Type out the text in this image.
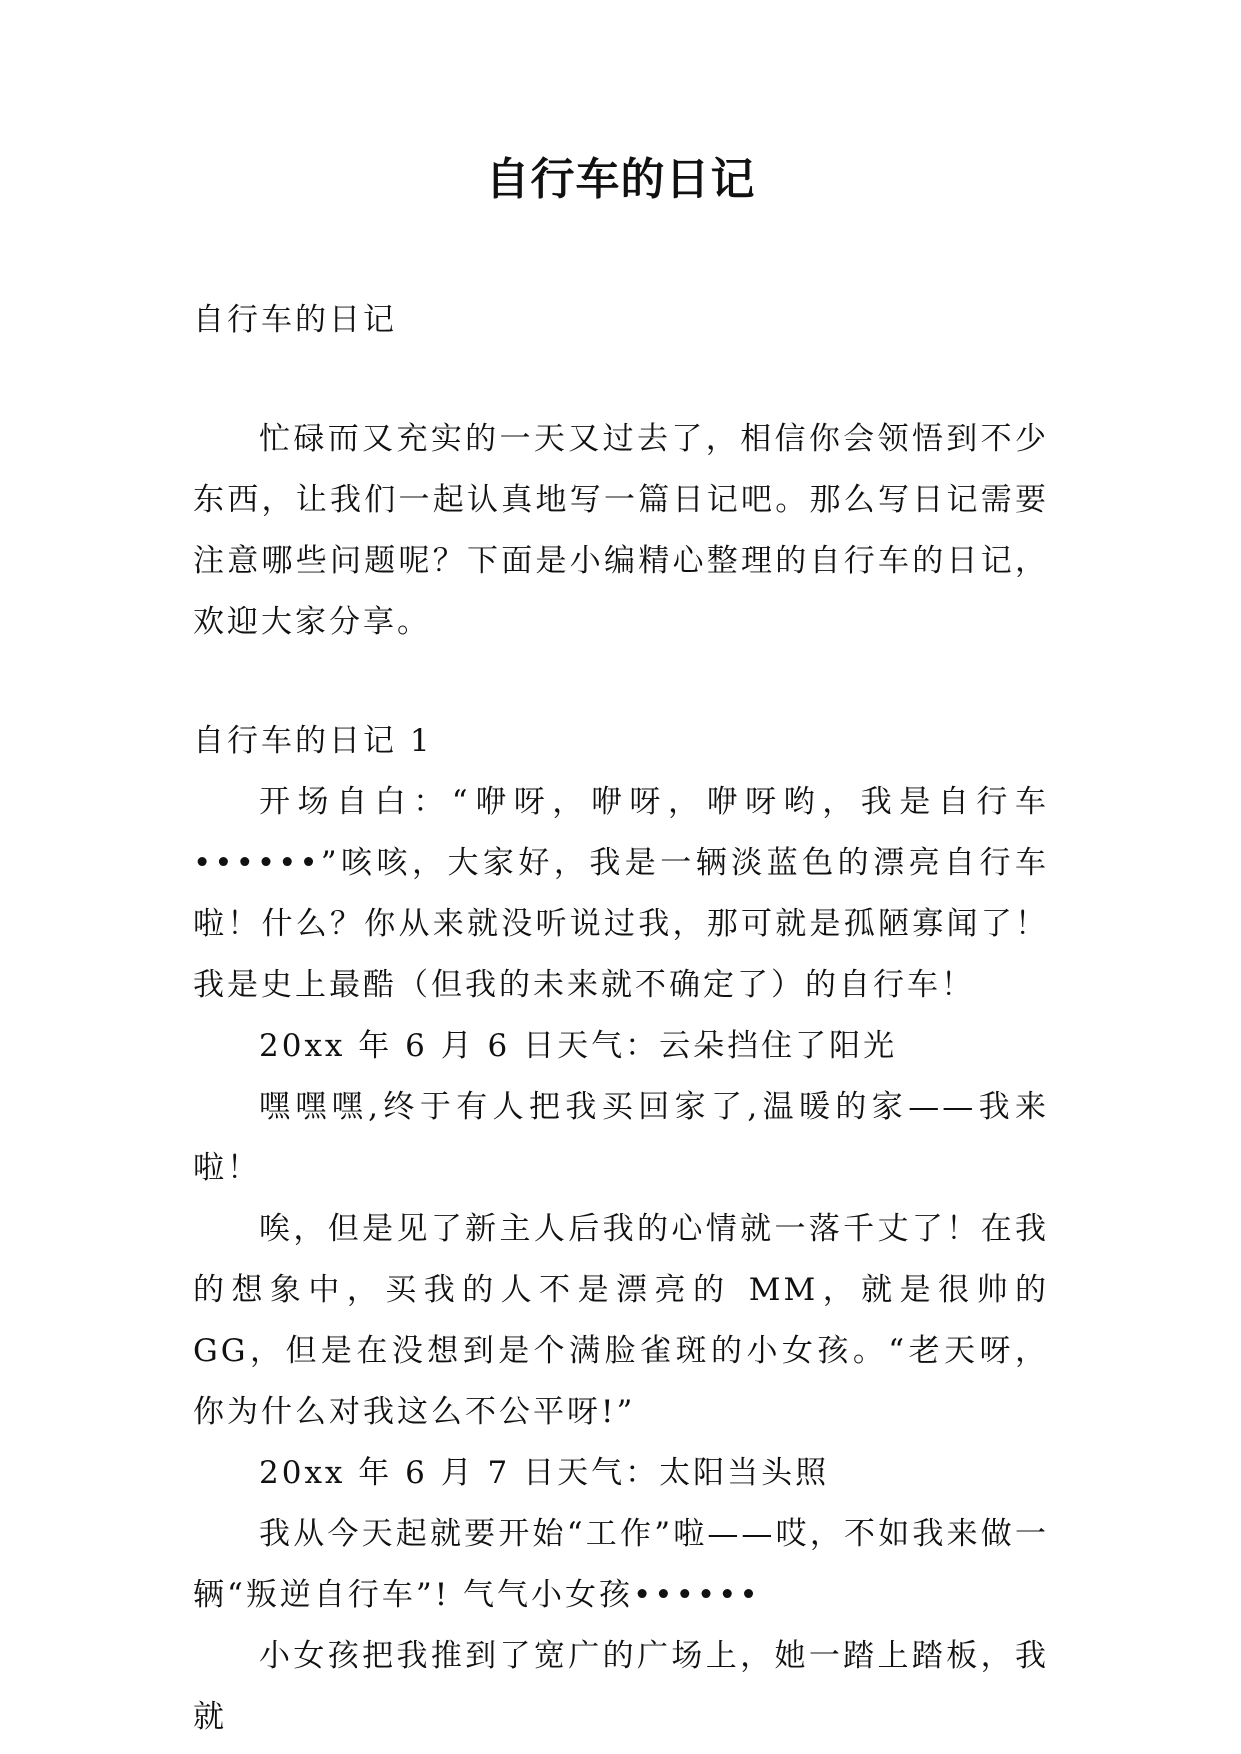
自行车的日记

自行车的日记

忙碌而又充实的一天又过去了，相信你会领悟到不少东西，让我们一起认真地写一篇日记吧。那么写日记需要注意哪些问题呢？下面是小编精心整理的自行车的日记，欢迎大家分享。

自行车的日记 1

开场自白：“咿呀，咿呀，咿呀哟，我是自行车••••••”咳咳，大家好，我是一辆淡蓝色的漂亮自行车啦！什么？你从来就没听说过我，那可就是孤陋寡闻了！我是史上最酷（但我的未来就不确定了）的自行车！

20xx 年 6 月 6 日天气：云朵挡住了阳光

嘿嘿嘿,终于有人把我买回家了,温暖的家——我来啦！

唉，但是见了新主人后我的心情就一落千丈了！在我的想象中，买我的人不是漂亮的 MM，就是很帅的 GG，但是在没想到是个满脸雀斑的小女孩。“老天呀，你为什么对我这么不公平呀!”

20xx 年 6 月 7 日天气：太阳当头照

我从今天起就要开始“工作”啦——哎，不如我来做一辆“叛逆自行车”! 气气小女孩••••••

小女孩把我推到了宽广的广场上，她一踏上踏板，我就
